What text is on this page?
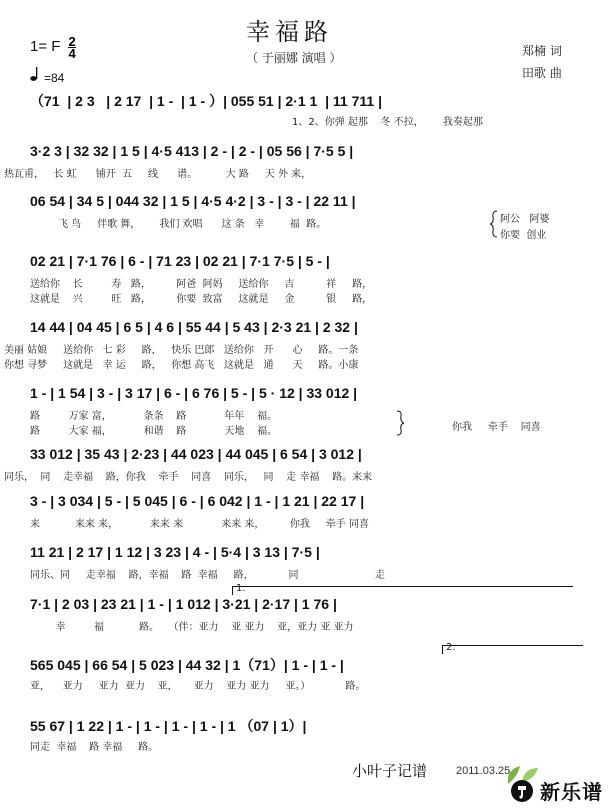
幸福路
（ 于丽娜 演唱 ）	郑楠 词
田歌 曲
1= F $\frac{2}{4}$
=84
（71  | 2 3   | 2 17  | 1 -  | 1 - ）| 055 51 | 2·1 1  | 11 711 |
1、2、你弹 起那    冬 不拉，      我奏起那
3·2 3 | 32 32 | 1 5 | 4·5 413 | 2 - | 2 - | 05 56 | 7·5 5 |
热瓦甫，   长 虹      铺开  五     线      谱。         大 路     天 外 来，
06 54 | 34 5 | 044 32 | 1 5 | 4·5 4·2 | 3 - | 3 - | 22 11 |
飞 鸟     伴歌 舞，      我们 欢唱      这 条   幸        福  路。
02 21 | 7·1 76 | 6 - | 71 23 | 02 21 | 7·1 7·5 | 5 - |
送给你    长         寿   路，        阿爸  阿妈     送给你     吉          祥     路，
这就是    兴         旺   路，        你要  致富     这就是     金          银     路，
14 44 | 04 45 | 6 5 | 4 6 | 55 44 | 5 43 | 2·3 21 | 2 32 |
美丽 姑娘     送给你   七 彩     路，   快乐 巴郎   送给你   开      心     路。一条
你想 寻梦     这就是   幸 运     路，   你想 高飞   这就是   通      天     路。小康
1 - | 1 54 | 3 - | 3 17 | 6 - | 6 76 | 5 - | 5 · 12 | 33 012 |
路         万家 富，          条条    路            年年    福。
路         大家 福，          和谐    路            天地    福。
33 012 | 35 43 | 2·23 | 44 023 | 44 045 | 6 54 | 3 012 |
同乐，  同    走幸福    路，你我    牵手    同喜    同乐，   同    走 幸福    路。来来
3 - | 3 034 | 5 - | 5 045 | 6 - | 6 042 | 1 - | 1 21 | 22 17 |
来           来来 来，          来来 来            来来 来，        你我     牵手 同喜
11 21 | 2 17 | 1 12 | 3 23 | 4 - | 5·4 | 3 13 | 7·5 |
同乐、同     走幸福    路，幸福    路  幸福     路，           同                        走
7·1 | 2 03 | 23 21 | 1 - | 1 012 | 3·21 | 2·17 | 1 76 |
1.
幸         福           路。   （伴：亚力    亚 亚力    亚，亚力 亚 亚力
565 045 | 66 54 | 5 023 | 44 32 | 1（71）| 1 - | 1 - |
2.
亚，    亚力     亚力  亚力    亚，     亚力    亚力 亚力     亚。）           路。
55 67 | 1 22 | 1 - | 1 - | 1 - | 1 - | 1 （07 | 1）|
同走  幸福    路 幸福     路。
阿公   阿婆
你要  创业
你我     牵手    同喜
小叶子记谱	2011.03.25
新乐谱
